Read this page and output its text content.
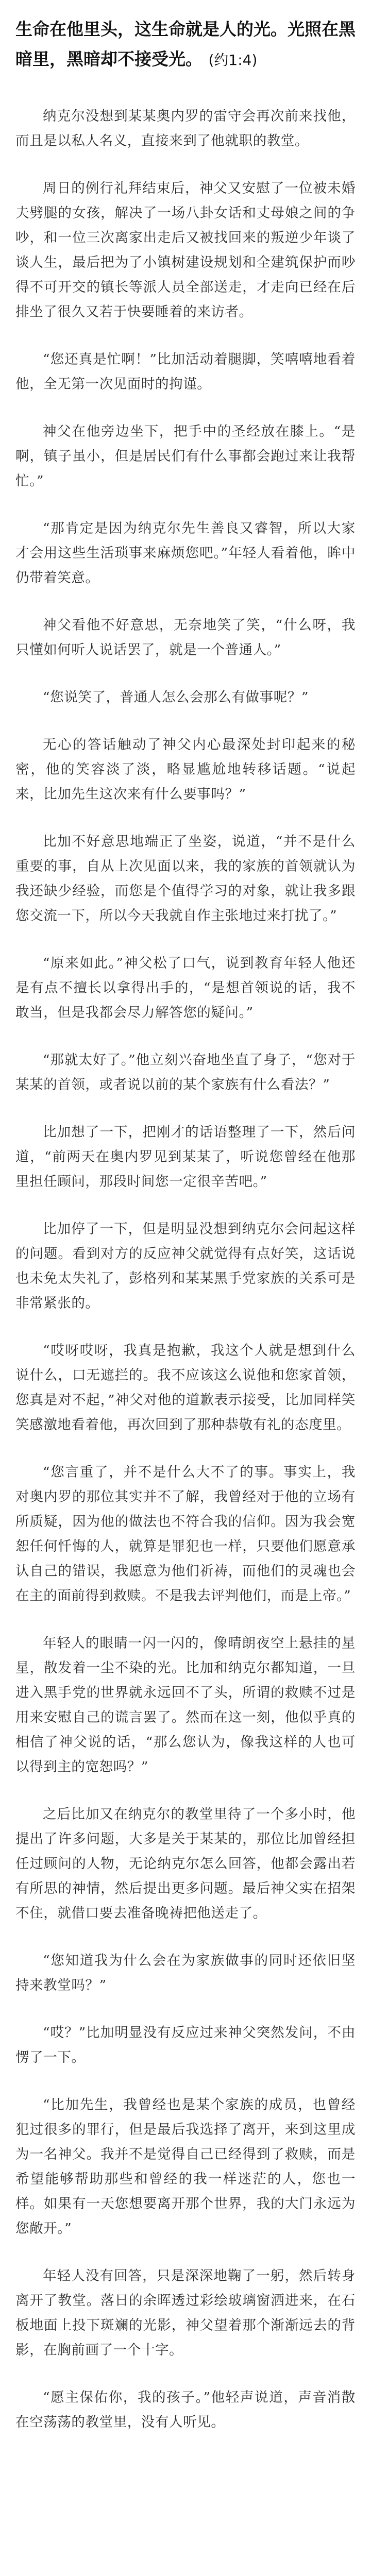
生命在他里头，这生命就是人的光。光照在黑暗里，黑暗却不接受光。 (约1:4)

纳克尔没想到某某奥内罗的雷守会再次前来找他，而且是以私人名义，直接来到了他就职的教堂。

周日的例行礼拜结束后，神父又安慰了一位被未婚夫劈腿的女孩，解决了一场八卦女话和丈母娘之间的争吵，和一位三次离家出走后又被找回来的叛逆少年谈了谈人生，最后把为了小镇树建设规划和全建筑保护而吵得不可开交的镇长等派人员全部送走，才走向已经在后排坐了很久又若于快要睡着的来访者。

“您还真是忙啊！”比加活动着腿脚，笑嘻嘻地看着他，全无第一次见面时的拘谨。

神父在他旁边坐下，把手中的圣经放在膝上。“是啊，镇子虽小，但是居民们有什么事都会跑过来让我帮忙。”

“那肯定是因为纳克尔先生善良又睿智，所以大家才会用这些生活琐事来麻烦您吧。”年轻人看着他，眸中仍带着笑意。

神父看他不好意思，无奈地笑了笑，“什么呀，我只懂如何听人说话罢了，就是一个普通人。”

“您说笑了，普通人怎么会那么有做事呢？”

无心的答话触动了神父内心最深处封印起来的秘密，他的笑容淡了淡，略显尴尬地转移话题。“说起来，比加先生这次来有什么要事吗？”

比加不好意思地端正了坐姿，说道，“并不是什么重要的事，自从上次见面以来，我的家族的首领就认为我还缺少经验，而您是个值得学习的对象，就让我多跟您交流一下，所以今天我就自作主张地过来打扰了。”

“原来如此。”神父松了口气，说到教育年轻人他还是有点不擅长以拿得出手的，“是想首领说的话，我不敢当，但是我都会尽力解答您的疑问。”

“那就太好了。”他立刻兴奋地坐直了身子，“您对于某某的首领，或者说以前的某个家族有什么看法？”

比加想了一下，把刚才的话语整理了一下，然后问道，“前两天在奥内罗见到某某了，听说您曾经在他那里担任顾问，那段时间您一定很辛苦吧。”

比加停了一下，但是明显没想到纳克尔会问起这样的问题。看到对方的反应神父就觉得有点好笑，这话说也未免太失礼了，彭格列和某某黑手党家族的关系可是非常紧张的。

“哎呀哎呀，我真是抱歉，我这个人就是想到什么说什么，口无遮拦的。我不应该这么说他和您家首领，您真是对不起，”神父对他的道歉表示接受，比加同样笑笑感激地看着他，再次回到了那种恭敬有礼的态度里。

“您言重了，并不是什么大不了的事。事实上，我对奥内罗的那位其实并不了解，我曾经对于他的立场有所质疑，因为他的做法也不符合我的信仰。因为我会宽恕任何忏悔的人，就算是罪犯也一样，只要他们愿意承认自己的错误，我愿意为他们祈祷，而他们的灵魂也会在主的面前得到救赎。不是我去评判他们，而是上帝。”

年轻人的眼睛一闪一闪的，像晴朗夜空上悬挂的星星，散发着一尘不染的光。比加和纳克尔都知道，一旦进入黑手党的世界就永远回不了头，所谓的救赎不过是用来安慰自己的谎言罢了。然而在这一刻，他似乎真的相信了神父说的话，“那么您认为，像我这样的人也可以得到主的宽恕吗？”

之后比加又在纳克尔的教堂里待了一个多小时，他提出了许多问题，大多是关于某某的，那位比加曾经担任过顾问的人物，无论纳克尔怎么回答，他都会露出若有所思的神情，然后提出更多问题。最后神父实在招架不住，就借口要去准备晚祷把他送走了。

“您知道我为什么会在为家族做事的同时还依旧坚持来教堂吗？”

“哎？”比加明显没有反应过来神父突然发问，不由愣了一下。

“比加先生，我曾经也是某个家族的成员，也曾经犯过很多的罪行，但是最后我选择了离开，来到这里成为一名神父。我并不是觉得自己已经得到了救赎，而是希望能够帮助那些和曾经的我一样迷茫的人，您也一样。如果有一天您想要离开那个世界，我的大门永远为您敞开。”

年轻人没有回答，只是深深地鞠了一躬，然后转身离开了教堂。落日的余晖透过彩绘玻璃窗洒进来，在石板地面上投下斑斓的光影，神父望着那个渐渐远去的背影，在胸前画了一个十字。

“愿主保佑你，我的孩子。”他轻声说道，声音消散在空荡荡的教堂里，没有人听见。
